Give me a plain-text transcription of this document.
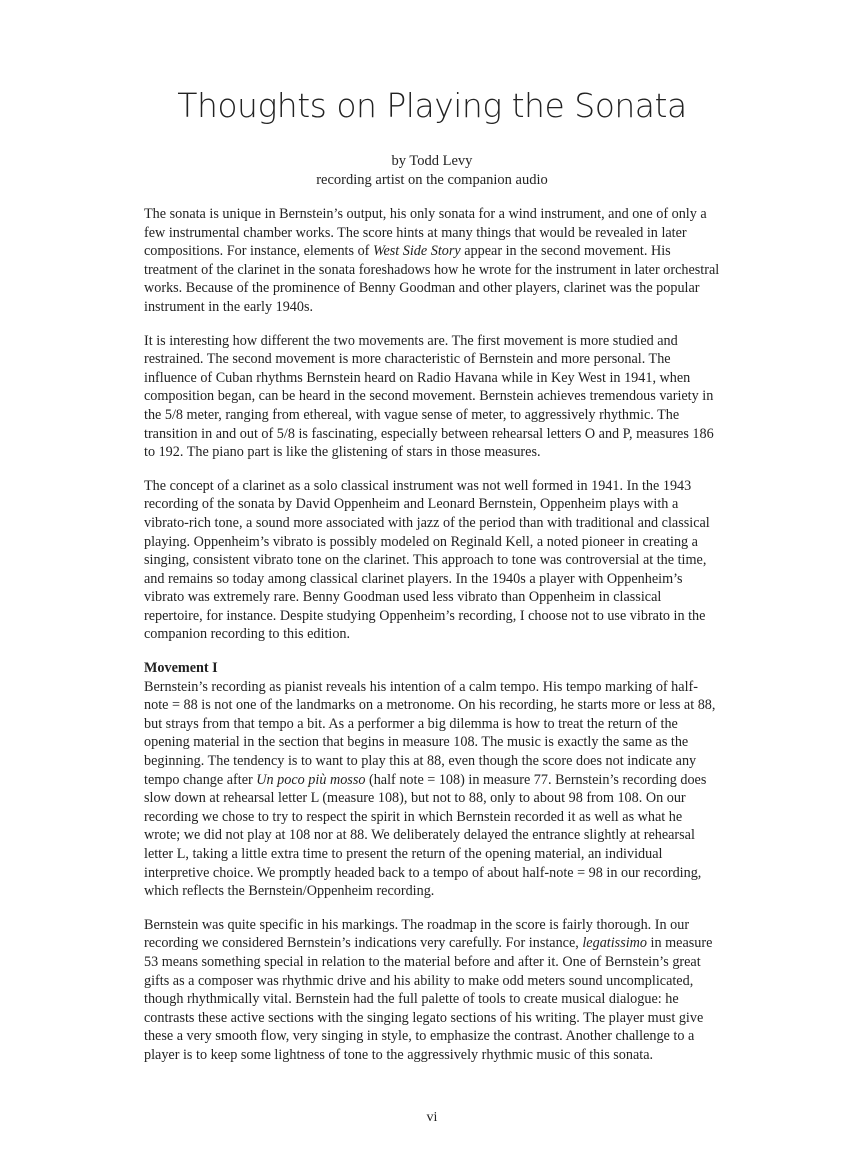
Thoughts on Playing the Sonata
by Todd Levy
recording artist on the companion audio

The sonata is unique in Bernstein’s output, his only sonata for a wind instrument, and one of only a few instrumental chamber works. The score hints at many things that would be revealed in later compositions. For instance, elements of West Side Story appear in the second movement. His treatment of the clarinet in the sonata foreshadows how he wrote for the instrument in later orchestral works. Because of the prominence of Benny Goodman and other players, clarinet was the popular instrument in the early 1940s.

It is interesting how different the two movements are. The first movement is more studied and restrained. The second movement is more characteristic of Bernstein and more personal. The influence of Cuban rhythms Bernstein heard on Radio Havana while in Key West in 1941, when composition began, can be heard in the second movement. Bernstein achieves tremendous variety in the 5/8 meter, ranging from ethereal, with vague sense of meter, to aggressively rhythmic. The transition in and out of 5/8 is fascinating, especially between rehearsal letters O and P, measures 186 to 192. The piano part is like the glistening of stars in those measures.

The concept of a clarinet as a solo classical instrument was not well formed in 1941. In the 1943 recording of the sonata by David Oppenheim and Leonard Bernstein, Oppenheim plays with a vibrato-rich tone, a sound more associated with jazz of the period than with traditional and classical playing. Oppenheim’s vibrato is possibly modeled on Reginald Kell, a noted pioneer in creating a singing, consistent vibrato tone on the clarinet. This approach to tone was controversial at the time, and remains so today among classical clarinet players. In the 1940s a player with Oppenheim’s vibrato was extremely rare. Benny Goodman used less vibrato than Oppenheim in classical repertoire, for instance. Despite studying Oppenheim’s recording, I choose not to use vibrato in the companion recording to this edition.

Movement I

Bernstein’s recording as pianist reveals his intention of a calm tempo. His tempo marking of half-note = 88 is not one of the landmarks on a metronome. On his recording, he starts more or less at 88, but strays from that tempo a bit. As a performer a big dilemma is how to treat the return of the opening material in the section that begins in measure 108. The music is exactly the same as the beginning. The tendency is to want to play this at 88, even though the score does not indicate any tempo change after Un poco più mosso (half note = 108) in measure 77. Bernstein’s recording does slow down at rehearsal letter L (measure 108), but not to 88, only to about 98 from 108. On our recording we chose to try to respect the spirit in which Bernstein recorded it as well as what he wrote; we did not play at 108 nor at 88. We deliberately delayed the entrance slightly at rehearsal letter L, taking a little extra time to present the return of the opening material, an individual interpretive choice. We promptly headed back to a tempo of about half-note = 98 in our recording, which reflects the Bernstein/Oppenheim recording.

Bernstein was quite specific in his markings. The roadmap in the score is fairly thorough. In our recording we considered Bernstein’s indications very carefully. For instance, legatissimo in measure 53 means something special in relation to the material before and after it. One of Bernstein’s great gifts as a composer was rhythmic drive and his ability to make odd meters sound uncomplicated, though rhythmically vital. Bernstein had the full palette of tools to create musical dialogue: he contrasts these active sections with the singing legato sections of his writing. The player must give these a very smooth flow, very singing in style, to emphasize the contrast. Another challenge to a player is to keep some lightness of tone to the aggressively rhythmic music of this sonata.

vi
